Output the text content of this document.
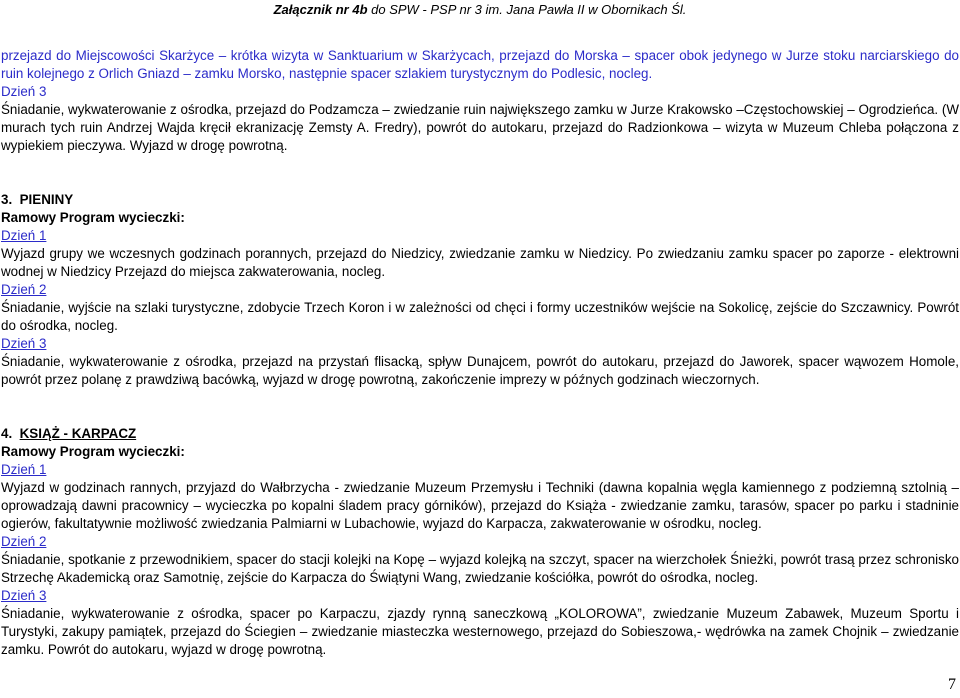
Załącznik nr 4b do SPW - PSP nr 3 im. Jana Pawła II w Obornikach Śl.

przejazd do Miejscowości Skarżyce – krótka wizyta w Sanktuarium w Skarżycach, przejazd do Morska – spacer obok jedynego w Jurze stoku narciarskiego do ruin kolejnego z Orlich Gniazd – zamku Morsko, następnie spacer szlakiem turystycznym do Podlesic, nocleg.

Dzień 3

Śniadanie, wykwaterowanie z ośrodka, przejazd do Podzamcza – zwiedzanie ruin największego zamku w Jurze Krakowsko –Częstochowskiej – Ogrodzieńca. (W murach tych ruin Andrzej Wajda kręcił ekranizację Zemsty A. Fredry), powrót do autokaru, przejazd do Radzionkowa – wizyta w Muzeum Chleba połączona z wypiekiem pieczywa. Wyjazd w drogę powrotną.

3. PIENINY
Ramowy Program wycieczki:
Dzień 1

Wyjazd grupy we wczesnych godzinach porannych, przejazd do Niedzicy, zwiedzanie zamku w Niedzicy. Po zwiedzaniu zamku spacer po zaporze - elektrowni wodnej w Niedzicy Przejazd do miejsca zakwaterowania, nocleg.

Dzień 2

Śniadanie, wyjście na szlaki turystyczne, zdobycie Trzech Koron i w zależności od chęci i formy uczestników wejście na Sokolicę, zejście do Szczawnicy. Powrót do ośrodka, nocleg.

Dzień 3

Śniadanie, wykwaterowanie z ośrodka, przejazd na przystań flisacką, spływ Dunajcem, powrót do autokaru, przejazd do Jaworek, spacer wąwozem Homole, powrót przez polanę z prawdziwą bacówką, wyjazd w drogę powrotną, zakończenie imprezy w późnych godzinach wieczornych.

4. KSIĄŻ - KARPACZ
Ramowy Program wycieczki:
Dzień 1

Wyjazd w godzinach rannych, przyjazd do Wałbrzycha - zwiedzanie Muzeum Przemysłu i Techniki (dawna kopalnia węgla kamiennego z podziemną sztolnią – oprowadzają dawni pracownicy – wycieczka po kopalni śladem pracy górników), przejazd do Książa - zwiedzanie zamku, tarasów, spacer po parku i stadninie ogierów, fakultatywnie możliwość zwiedzania Palmiarni w Lubachowie, wyjazd do Karpacza, zakwaterowanie w ośrodku, nocleg.

Dzień 2

Śniadanie, spotkanie z przewodnikiem, spacer do stacji kolejki na Kopę – wyjazd kolejką na szczyt, spacer na wierzchołek Śnieżki, powrót trasą przez schronisko Strzechę Akademicką oraz Samotnię, zejście do Karpacza do Świątyni Wang, zwiedzanie kościółka, powrót do ośrodka, nocleg.

Dzień 3

Śniadanie, wykwaterowanie z ośrodka, spacer po Karpaczu, zjazdy rynną saneczkową „KOLOROWA”, zwiedzanie Muzeum Zabawek, Muzeum Sportu i Turystyki, zakupy pamiątek, przejazd do Ściegien – zwiedzanie miasteczka westernowego, przejazd do Sobieszowa,- wędrówka na zamek Chojnik – zwiedzanie zamku. Powrót do autokaru, wyjazd w drogę powrotną.

7
